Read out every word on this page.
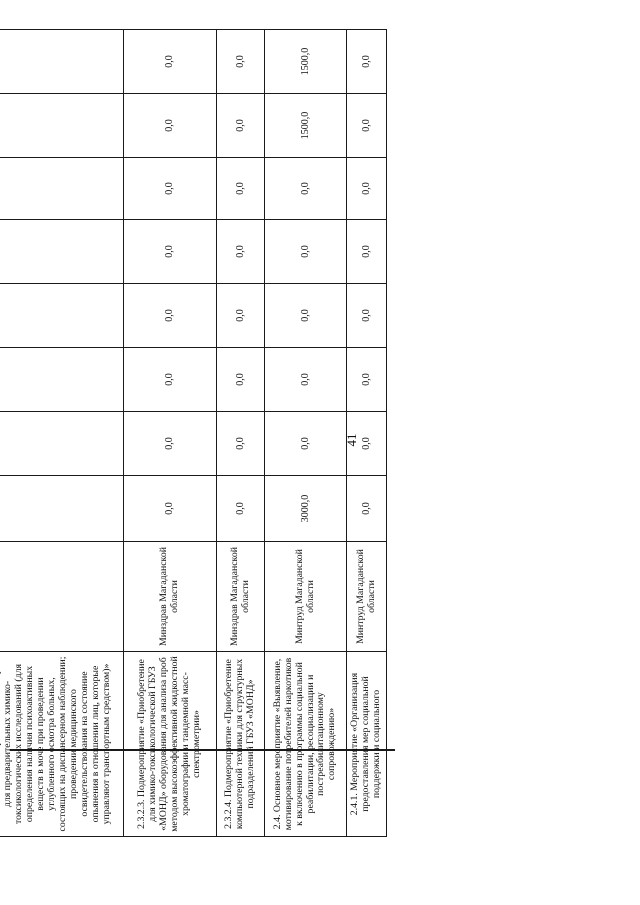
41

для предварительных химико-токсикологических исследований (для определения наличия психоактивных веществ в моче при проведении углубленного осмотра больных, состоящих на диспансерном наблюдении; проведении медицинского освидетельствования на состояние опьянения в отношении лиц, которые управляют транспортным средством)»									
2.3.2.3. Подмероприятие «Приобретение для химико-токсикологической ГБУЗ «МОНД» оборудования для анализа проб методом высокоэффективной жидкостной хроматографии и тандемной масс-спектрометрии»	Минздрав Магаданской области	0,0	0,0	0,0	0,0	0,0	0,0	0,0	0,0
2.3.2.4. Подмероприятие «Приобретение компьютерной техники для структурных подразделений ГБУЗ «МОНД»	Минздрав Магаданской области	0,0	0,0	0,0	0,0	0,0	0,0	0,0	0,0
2.4. Основное мероприятие «Выявление, мотивирование потребителей наркотиков к включению в программы социальной реабилитации, ресоциализации и постреабилитационному сопровождению»	Минтруд Магаданской области	3000,0	0,0	0,0	0,0	0,0	0,0	1500,0	1500,0
2.4.1. Мероприятие «Организация предоставления мер социальной поддержки и социального	Минтруд Магаданской области	0,0	0,0	0,0	0,0	0,0	0,0	0,0	0,0
